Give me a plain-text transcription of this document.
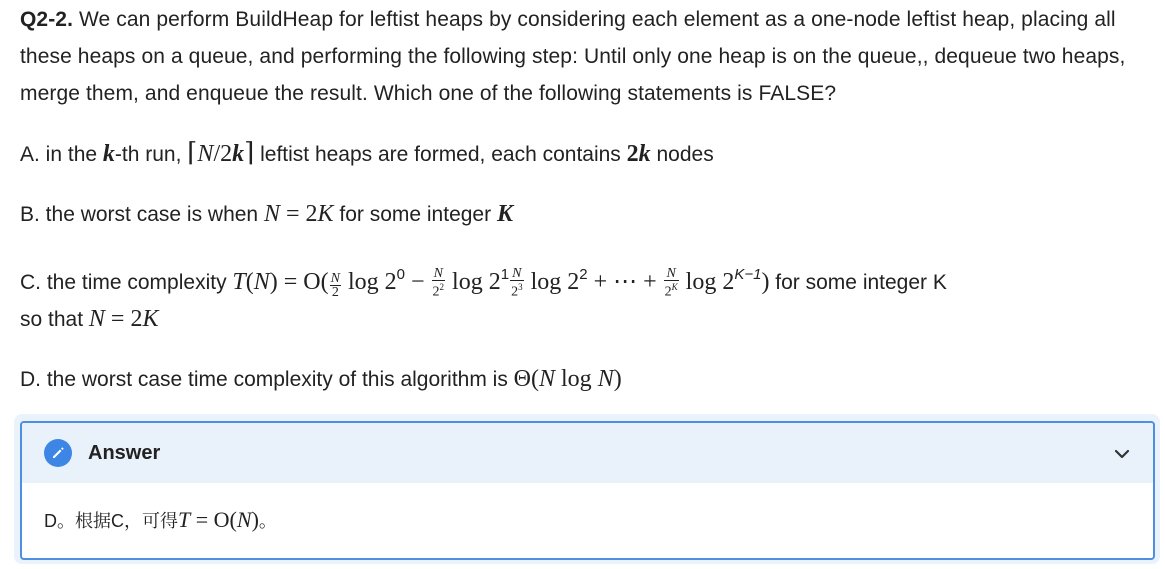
Q2-2. We can perform BuildHeap for leftist heaps by considering each element as a one-node leftist heap, placing all these heaps on a queue, and performing the following step: Until only one heap is on the queue,, dequeue two heaps, merge them, and enqueue the result. Which one of the following statements is FALSE?

A. in the k-th run, ⌈N/2k⌉ leftist heaps are formed, each contains 2k nodes

B. the worst case is when N = 2K for some integer K

C. the time complexity $T(N) = O( \frac{N}{2}$ $\log 2^0 - \frac{N}{2^2}$ $\log 2^1 \frac{N}{2^3}$ $\log 2^2$ + ⋯ + $\frac{N}{2^K}$ $\log 2^{K-1}$) for some integer K
so that N = 2K

D. the worst case time complexity of this algorithm is Θ(N log N)

Answer
D。根据C，可得T = O(N)。
